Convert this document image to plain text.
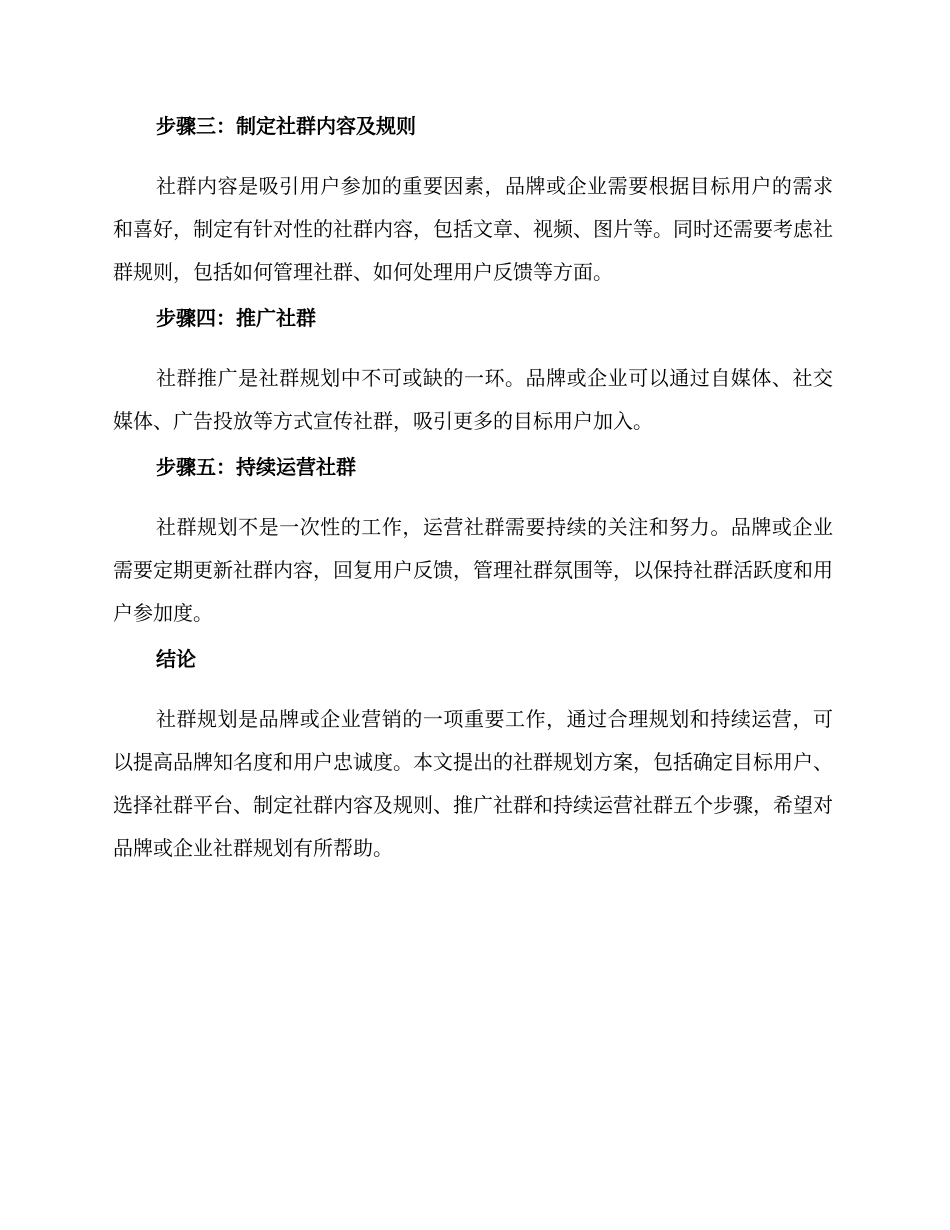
步骤三：制定社群内容及规则

社群内容是吸引用户参加的重要因素，品牌或企业需要根据目标用户的需求和喜好，制定有针对性的社群内容，包括文章、视频、图片等。同时还需要考虑社群规则，包括如何管理社群、如何处理用户反馈等方面。

步骤四：推广社群

社群推广是社群规划中不可或缺的一环。品牌或企业可以通过自媒体、社交媒体、广告投放等方式宣传社群，吸引更多的目标用户加入。

步骤五：持续运营社群

社群规划不是一次性的工作，运营社群需要持续的关注和努力。品牌或企业需要定期更新社群内容，回复用户反馈，管理社群氛围等，以保持社群活跃度和用户参加度。

结论

社群规划是品牌或企业营销的一项重要工作，通过合理规划和持续运营，可以提高品牌知名度和用户忠诚度。本文提出的社群规划方案，包括确定目标用户、选择社群平台、制定社群内容及规则、推广社群和持续运营社群五个步骤，希望对品牌或企业社群规划有所帮助。
